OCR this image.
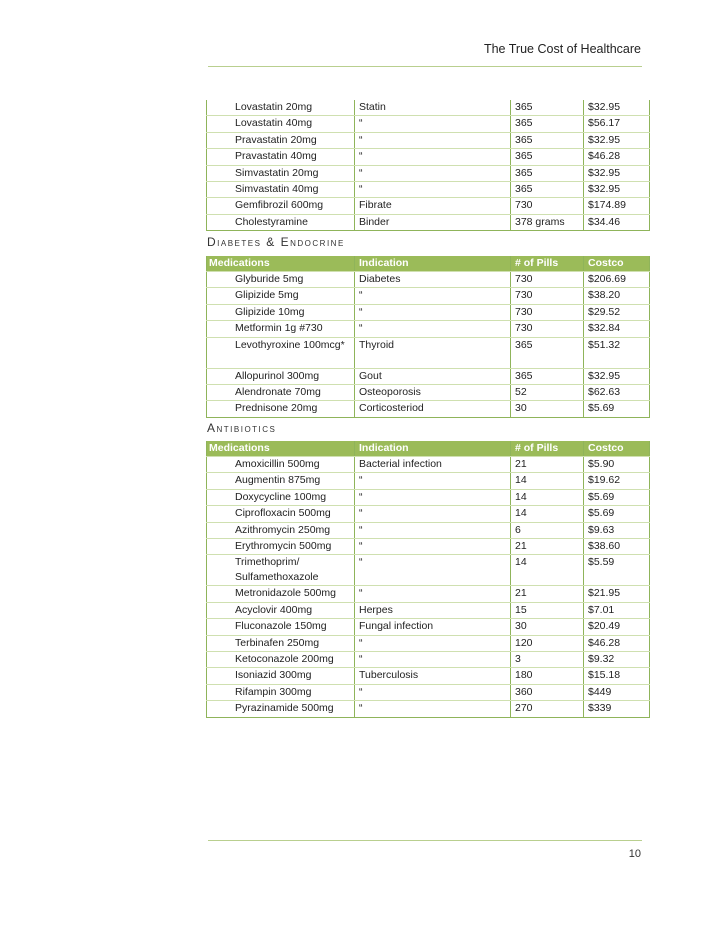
The True Cost of Healthcare
Lovastatin 20mg	Statin	365	$32.95
Lovastatin 40mg	“	365	$56.17
Pravastatin 20mg	“	365	$32.95
Pravastatin 40mg	“	365	$46.28
Simvastatin 20mg	“	365	$32.95
Simvastatin 40mg	“	365	$32.95
Gemfibrozil 600mg	Fibrate	730	$174.89
Cholestyramine	Binder	378 grams	$34.46
Diabetes & Endocrine
Medications	Indication	# of Pills	Costco
Glyburide 5mg	Diabetes	730	$206.69
Glipizide 5mg	“	730	$38.20
Glipizide 10mg	“	730	$29.52
Metformin 1g #730	“	730	$32.84
Levothyroxine 100mcg*	Thyroid	365	$51.32
Allopurinol 300mg	Gout	365	$32.95
Alendronate 70mg	Osteoporosis	52	$62.63
Prednisone 20mg	Corticosteriod	30	$5.69
Antibiotics
Medications	Indication	# of Pills	Costco
Amoxicillin 500mg	Bacterial infection	21	$5.90
Augmentin 875mg	“	14	$19.62
Doxycycline 100mg	“	14	$5.69
Ciprofloxacin 500mg	“	14	$5.69
Azithromycin 250mg	“	6	$9.63
Erythromycin 500mg	“	21	$38.60
Trimethoprim/ Sulfamethoxazole	“	14	$5.59
Metronidazole 500mg	“	21	$21.95
Acyclovir 400mg	Herpes	15	$7.01
Fluconazole 150mg	Fungal infection	30	$20.49
Terbinafen 250mg	“	120	$46.28
Ketoconazole 200mg	“	3	$9.32
Isoniazid 300mg	Tuberculosis	180	$15.18
Rifampin 300mg	“	360	$449
Pyrazinamide 500mg	“	270	$339
10
